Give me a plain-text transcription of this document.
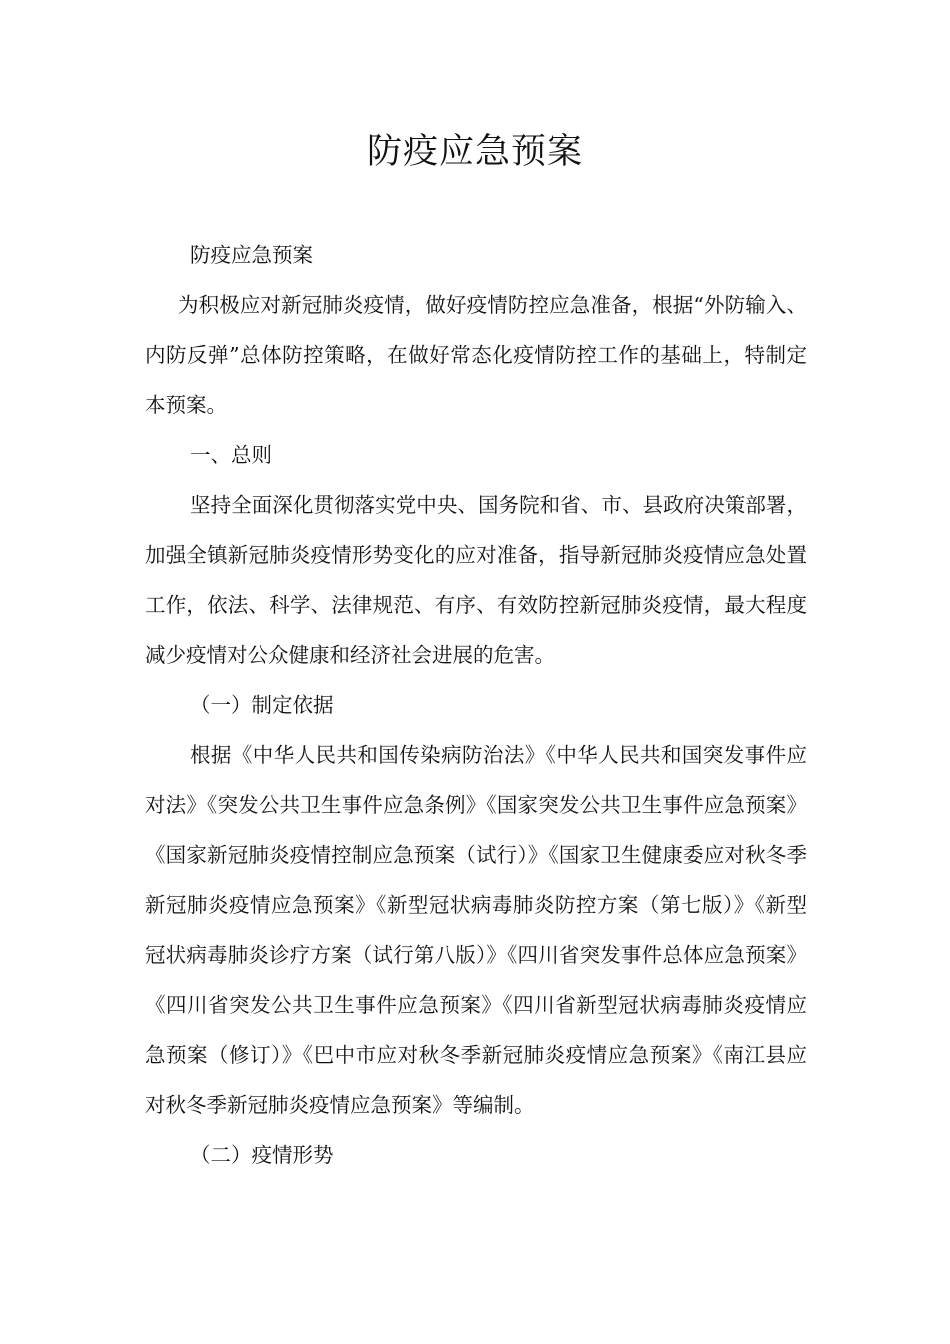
防疫应急预案

防疫应急预案

为积极应对新冠肺炎疫情，做好疫情防控应急准备，根据“外防输入、内防反弹”总体防控策略，在做好常态化疫情防控工作的基础上，特制定本预案。

一、总则

坚持全面深化贯彻落实党中央、国务院和省、市、县政府决策部署，加强全镇新冠肺炎疫情形势变化的应对准备，指导新冠肺炎疫情应急处置工作，依法、科学、法律规范、有序、有效防控新冠肺炎疫情，最大程度减少疫情对公众健康和经济社会进展的危害。

（一）制定依据

根据《中华人民共和国传染病防治法》《中华人民共和国突发事件应对法》《突发公共卫生事件应急条例》《国家突发公共卫生事件应急预案》《国家新冠肺炎疫情控制应急预案（试行）》《国家卫生健康委应对秋冬季新冠肺炎疫情应急预案》《新型冠状病毒肺炎防控方案（第七版）》《新型冠状病毒肺炎诊疗方案（试行第八版）》《四川省突发事件总体应急预案》《四川省突发公共卫生事件应急预案》《四川省新型冠状病毒肺炎疫情应急预案（修订）》《巴中市应对秋冬季新冠肺炎疫情应急预案》《南江县应对秋冬季新冠肺炎疫情应急预案》等编制。

（二）疫情形势
